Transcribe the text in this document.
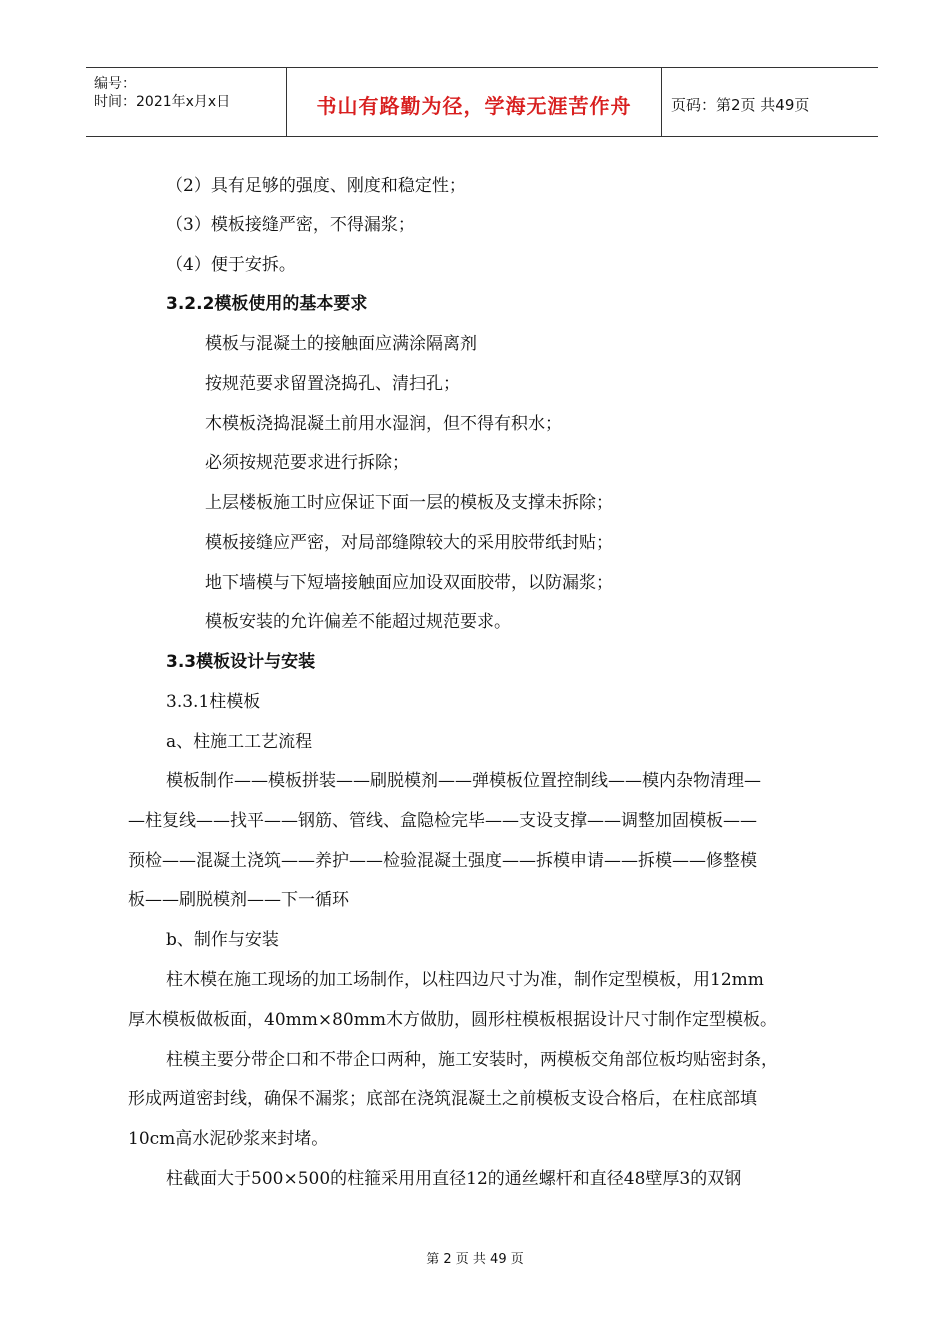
编号：
时间：2021年x月x日	书山有路勤为径，学海无涯苦作舟	页码：第2页 共49页
（2）具有足够的强度、刚度和稳定性；
（3）模板接缝严密，不得漏浆；
（4）便于安拆。
3.2.2模板使用的基本要求
模板与混凝土的接触面应满涂隔离剂
按规范要求留置浇捣孔、清扫孔；
木模板浇捣混凝土前用水湿润，但不得有积水；
必须按规范要求进行拆除；
上层楼板施工时应保证下面一层的模板及支撑未拆除；
模板接缝应严密，对局部缝隙较大的采用胶带纸封贴；
地下墙模与下短墙接触面应加设双面胶带，以防漏浆；
模板安装的允许偏差不能超过规范要求。
3.3模板设计与安装
3.3.1柱模板
a、柱施工工艺流程
模板制作——模板拼装——刷脱模剂——弹模板位置控制线——模内杂物清理—
—柱复线——找平——钢筋、管线、盒隐检完毕——支设支撑——调整加固模板——
预检——混凝土浇筑——养护——检验混凝土强度——拆模申请——拆模——修整模
板——刷脱模剂——下一循环
b、制作与安装
柱木模在施工现场的加工场制作，以柱四边尺寸为准，制作定型模板，用12mm
厚木模板做板面，40mm×80mm木方做肋，圆形柱模板根据设计尺寸制作定型模板。
柱模主要分带企口和不带企口两种，施工安装时，两模板交角部位板均贴密封条，
形成两道密封线，确保不漏浆；底部在浇筑混凝土之前模板支设合格后，在柱底部填
10cm高水泥砂浆来封堵。
柱截面大于500×500的柱箍采用用直径12的通丝螺杆和直径48壁厚3的双钢
第 2 页 共 49 页
